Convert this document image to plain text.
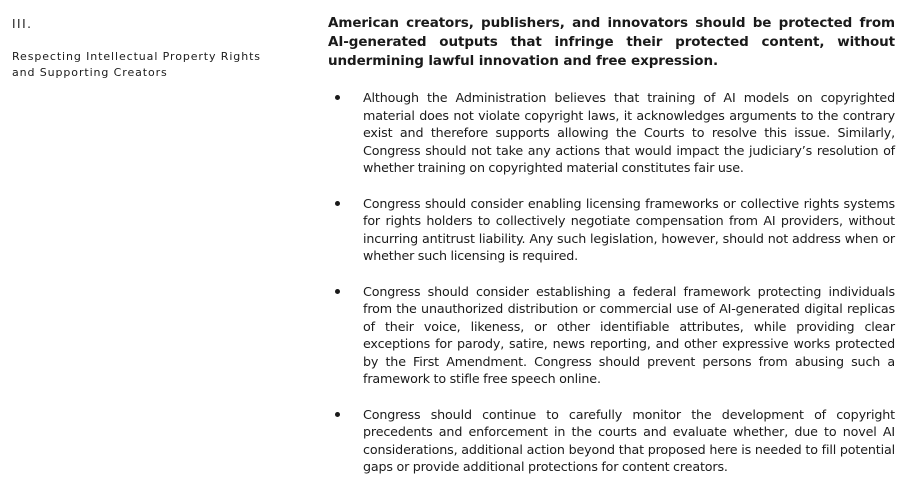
III.

Respecting Intellectual Property Rights and Supporting Creators

American creators, publishers, and innovators should be protected from AI-generated outputs that infringe their protected content, without undermining lawful innovation and free expression.

Although the Administration believes that training of AI models on copyrighted material does not violate copyright laws, it acknowledges arguments to the contrary exist and therefore supports allowing the Courts to resolve this issue. Similarly, Congress should not take any actions that would impact the judiciary’s resolution of whether training on copyrighted material constitutes fair use.
Congress should consider enabling licensing frameworks or collective rights systems for rights holders to collectively negotiate compensation from AI providers, without incurring antitrust liability. Any such legislation, however, should not address when or whether such licensing is required.
Congress should consider establishing a federal framework protecting individuals from the unauthorized distribution or commercial use of AI-generated digital replicas of their voice, likeness, or other identifiable attributes, while providing clear exceptions for parody, satire, news reporting, and other expressive works protected by the First Amendment. Congress should prevent persons from abusing such a framework to stifle free speech online.
Congress should continue to carefully monitor the development of copyright precedents and enforcement in the courts and evaluate whether, due to novel AI considerations, additional action beyond that proposed here is needed to fill potential gaps or provide additional protections for content creators.
